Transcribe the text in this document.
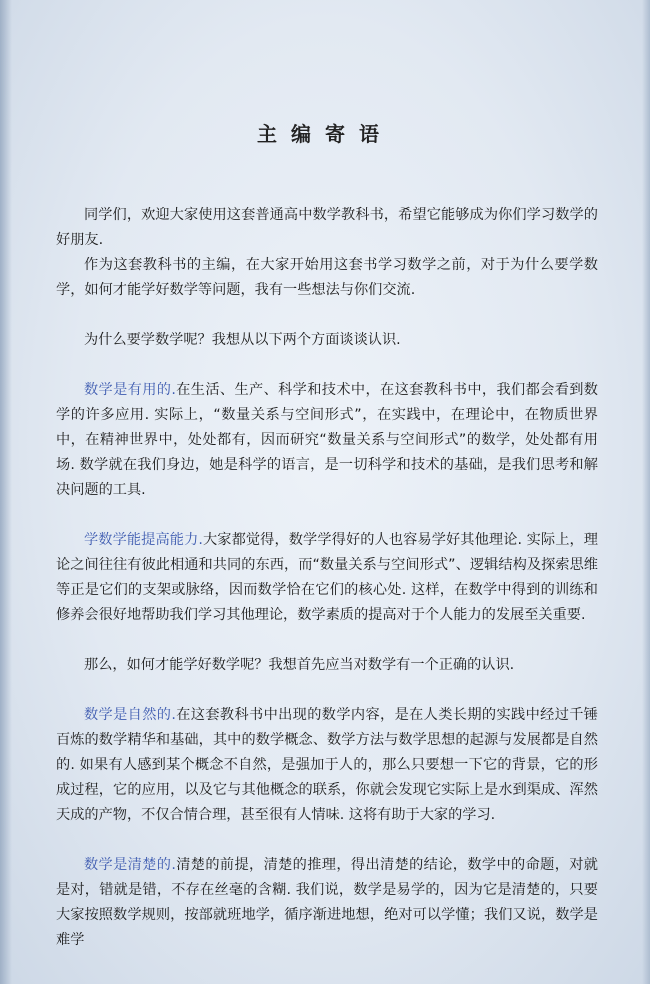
主编寄语

同学们，欢迎大家使用这套普通高中数学教科书，希望它能够成为你们学习数学的好朋友.

作为这套教科书的主编，在大家开始用这套书学习数学之前，对于为什么要学数学，如何才能学好数学等问题，我有一些想法与你们交流.

为什么要学数学呢？我想从以下两个方面谈谈认识.

数学是有用的.在生活、生产、科学和技术中，在这套教科书中，我们都会看到数学的许多应用. 实际上，“数量关系与空间形式”，在实践中，在理论中，在物质世界中，在精神世界中，处处都有，因而研究“数量关系与空间形式”的数学，处处都有用场. 数学就在我们身边，她是科学的语言，是一切科学和技术的基础，是我们思考和解决问题的工具.

学数学能提高能力.大家都觉得，数学学得好的人也容易学好其他理论. 实际上，理论之间往往有彼此相通和共同的东西，而“数量关系与空间形式”、逻辑结构及探索思维等正是它们的支架或脉络，因而数学恰在它们的核心处. 这样，在数学中得到的训练和修养会很好地帮助我们学习其他理论，数学素质的提高对于个人能力的发展至关重要.

那么，如何才能学好数学呢？我想首先应当对数学有一个正确的认识.

数学是自然的.在这套教科书中出现的数学内容，是在人类长期的实践中经过千锤百炼的数学精华和基础，其中的数学概念、数学方法与数学思想的起源与发展都是自然的. 如果有人感到某个概念不自然，是强加于人的，那么只要想一下它的背景，它的形成过程，它的应用，以及它与其他概念的联系，你就会发现它实际上是水到渠成、浑然天成的产物，不仅合情合理，甚至很有人情味. 这将有助于大家的学习.

数学是清楚的.清楚的前提，清楚的推理，得出清楚的结论，数学中的命题，对就是对，错就是错，不存在丝毫的含糊. 我们说，数学是易学的，因为它是清楚的，只要大家按照数学规则，按部就班地学，循序渐进地想，绝对可以学懂；我们又说，数学是难学
